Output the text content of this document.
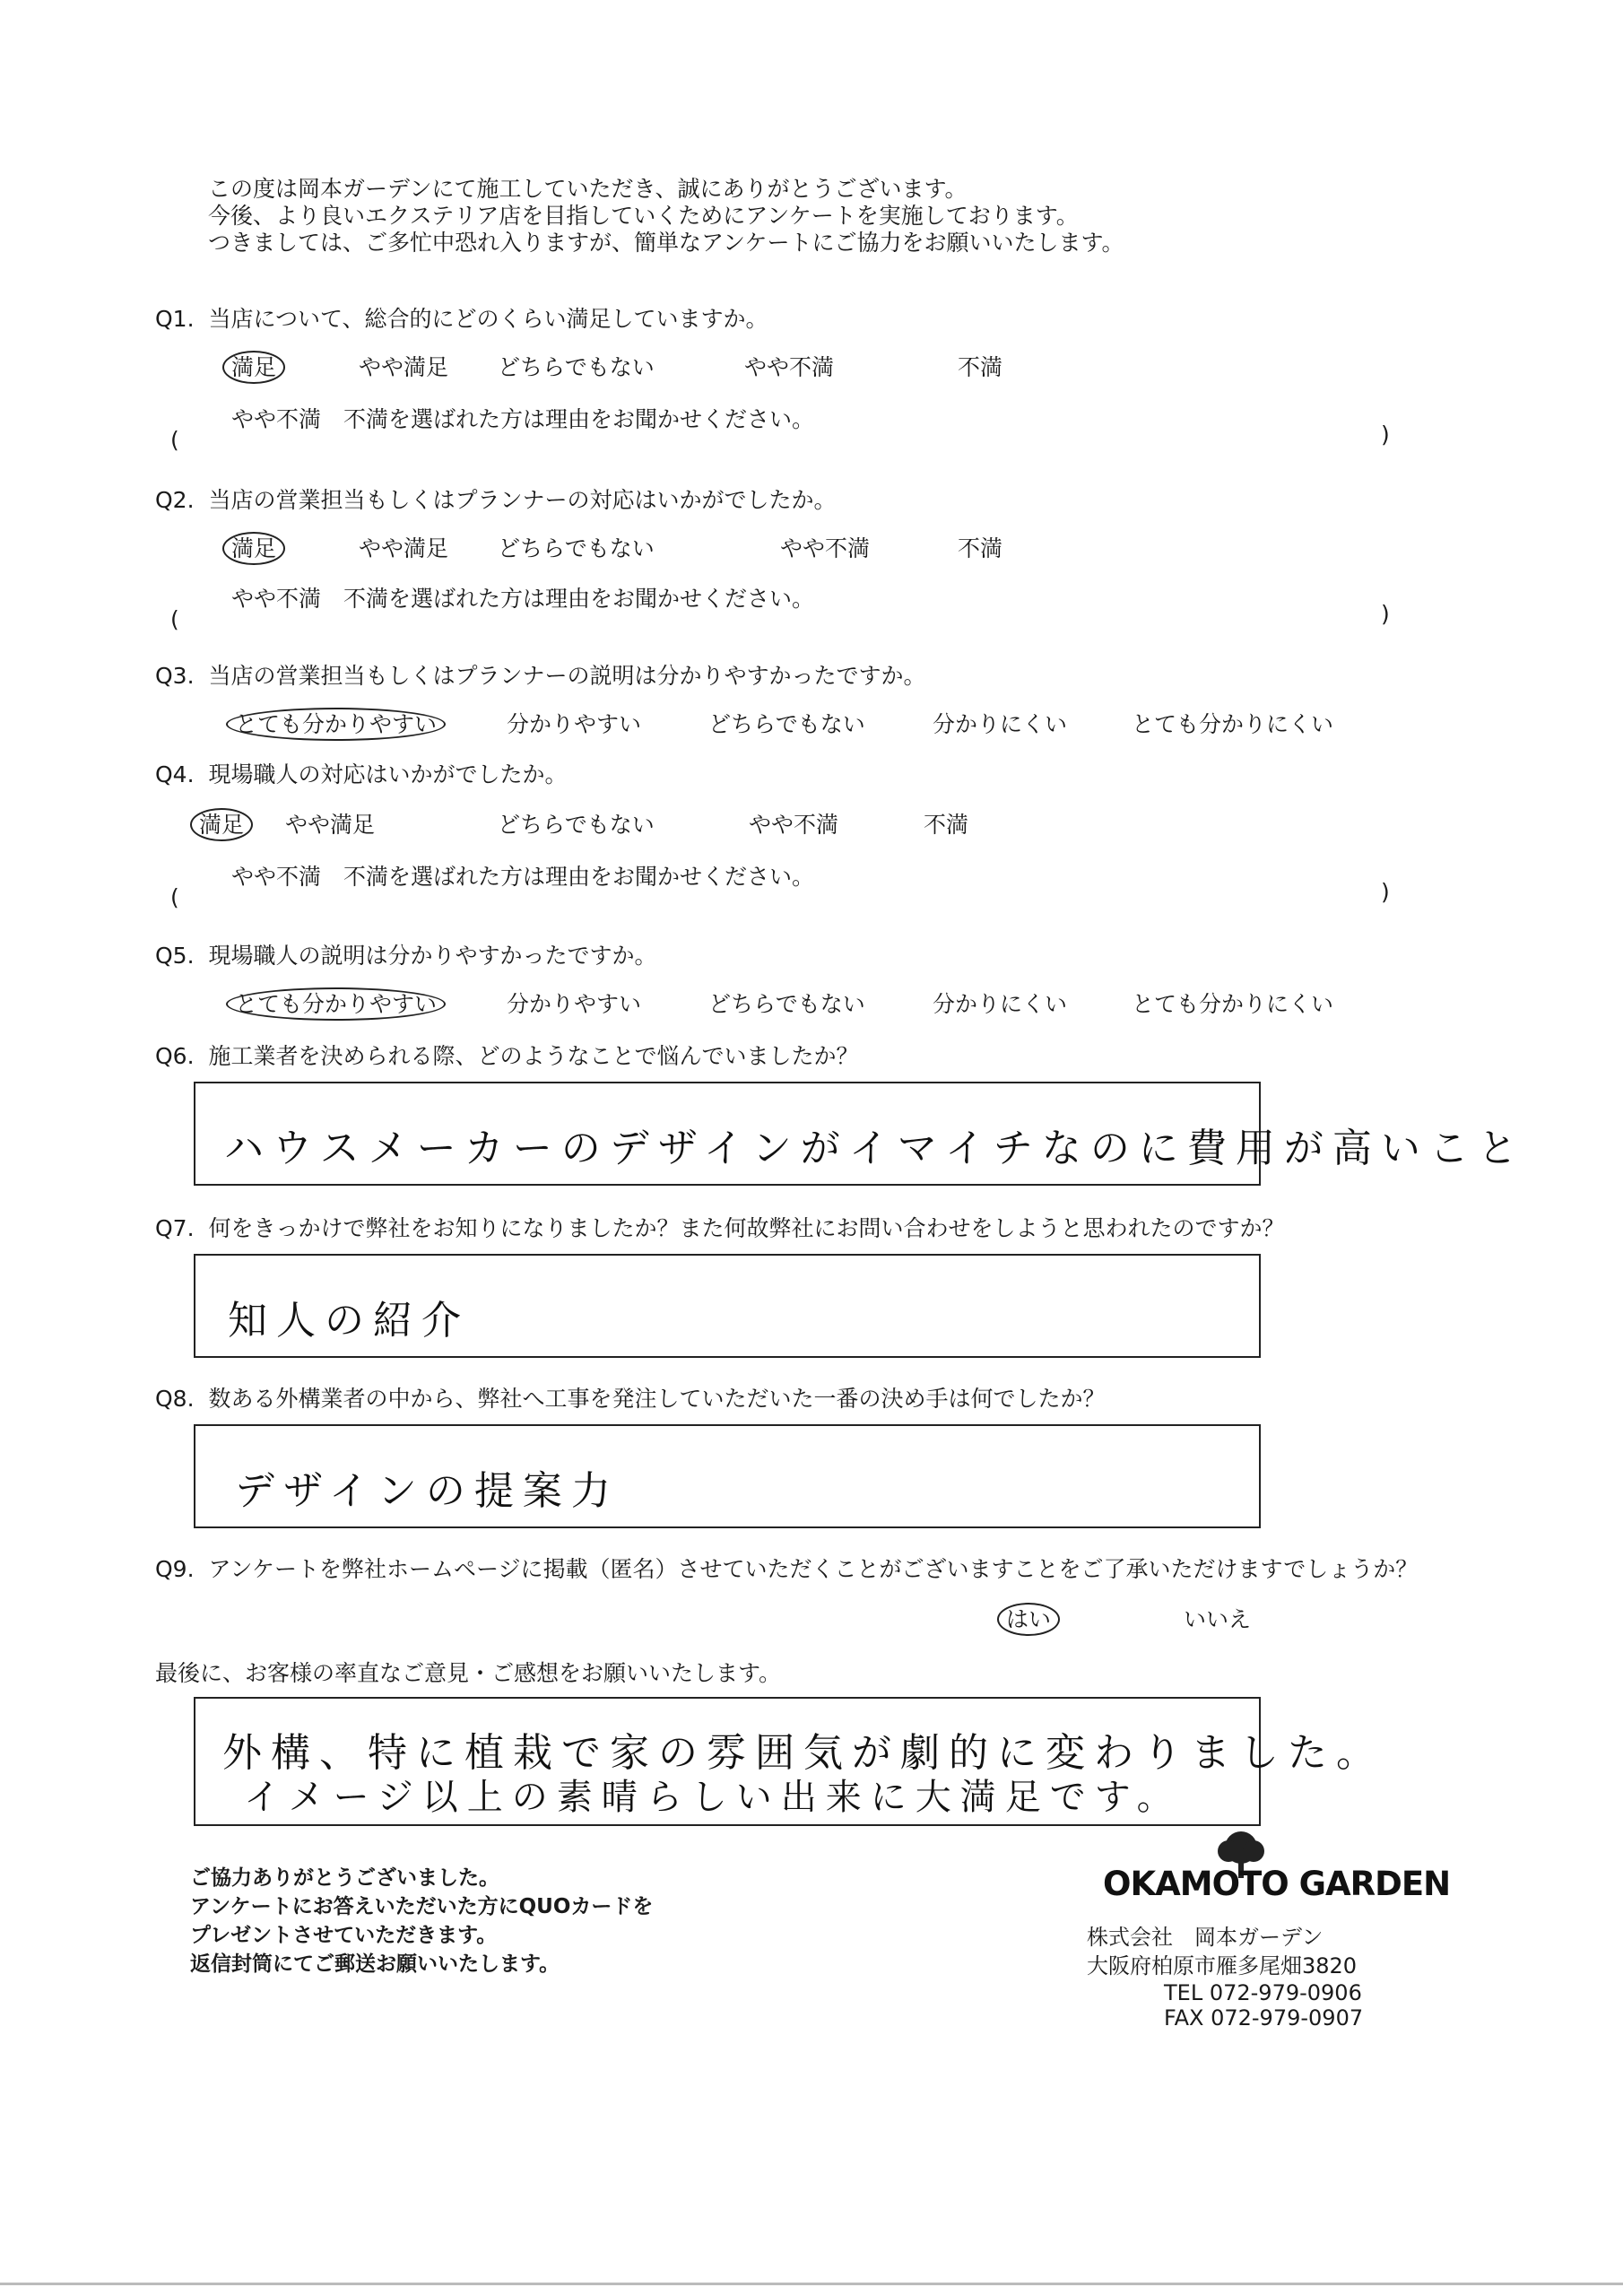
この度は岡本ガーデンにて施工していただき、誠にありがとうございます。
今後、より良いエクステリア店を目指していくためにアンケートを実施しております。
つきましては、ご多忙中恐れ入りますが、簡単なアンケートにご協力をお願いいたします。
Q1. 当店について、総合的にどのくらい満足していますか。
満足	やや満足 どちらでもない	やや不満	不満
やや不満　不満を選ばれた方は理由をお聞かせください。
(	)
Q2. 当店の営業担当もしくはプランナーの対応はいかがでしたか。
満足	やや満足 どちらでもない	やや不満	不満
やや不満　不満を選ばれた方は理由をお聞かせください。
(	)
Q3. 当店の営業担当もしくはプランナーの説明は分かりやすかったですか。
とても分かりやすい	分かりやすい	どちらでもない	分かりにくい	とても分かりにくい
Q4. 現場職人の対応はいかがでしたか。
満足	やや満足	どちらでもない	やや不満	不満
やや不満　不満を選ばれた方は理由をお聞かせください。
(	)
Q5. 現場職人の説明は分かりやすかったですか。
とても分かりやすい	分かりやすい	どちらでもない	分かりにくい	とても分かりにくい
Q6. 施工業者を決められる際、どのようなことで悩んでいましたか？
ハウスメーカーのデザインがイマイチなのに費用が高いこと
Q7. 何をきっかけで弊社をお知りになりましたか？また何故弊社にお問い合わせをしようと思われたのですか？
知人の紹介
Q8. 数ある外構業者の中から、弊社へ工事を発注していただいた一番の決め手は何でしたか？
デザインの提案力
Q9. アンケートを弊社ホームページに掲載（匿名）させていただくことがございますことをご了承いただけますでしょうか？
はい	いいえ
最後に、お客様の率直なご意見・ご感想をお願いいたします。
外構、特に植栽で家の雰囲気が劇的に変わりました。
イメージ以上の素晴らしい出来に大満足です。
ご協力ありがとうございました。
アンケートにお答えいただいた方にQUOカードを
プレゼントさせていただきます。
返信封筒にてご郵送お願いいたします。
OKAMOTO GARDEN
株式会社　岡本ガーデン
大阪府柏原市雁多尾畑3820
TEL 072-979-0906
FAX 072-979-0907
